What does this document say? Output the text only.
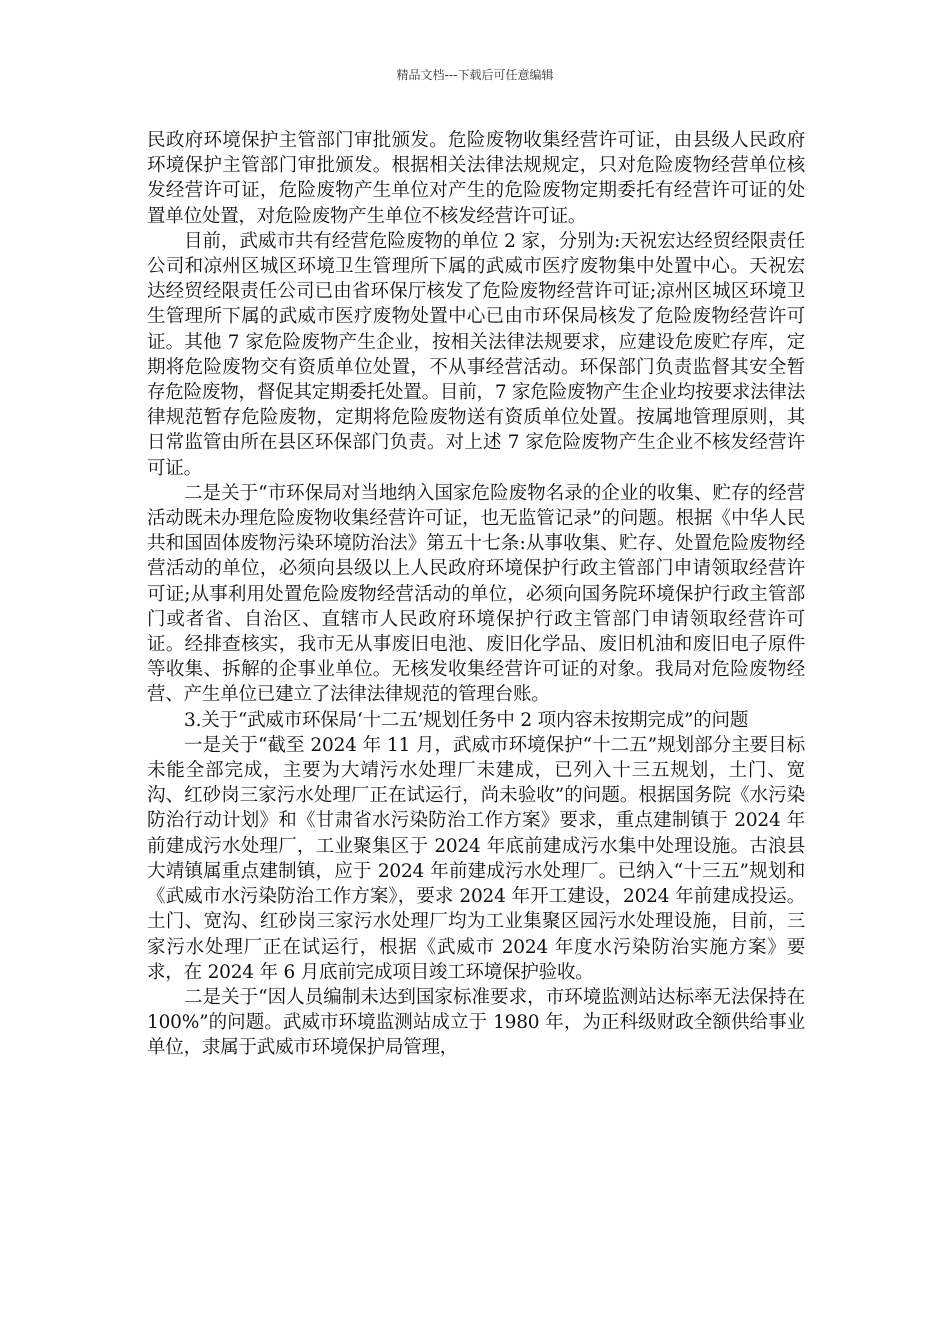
精品文档---下载后可任意编辑

民政府环境保护主管部门审批颁发。危险废物收集经营许可证，由县级人民政府环境保护主管部门审批颁发。根据相关法律法规规定，只对危险废物经营单位核发经营许可证，危险废物产生单位对产生的危险废物定期委托有经营许可证的处置单位处置，对危险废物产生单位不核发经营许可证。

目前，武威市共有经营危险废物的单位 2 家，分别为:天祝宏达经贸经限责任公司和凉州区城区环境卫生管理所下属的武威市医疗废物集中处置中心。天祝宏达经贸经限责任公司已由省环保厅核发了危险废物经营许可证;凉州区城区环境卫生管理所下属的武威市医疗废物处置中心已由市环保局核发了危险废物经营许可证。其他 7 家危险废物产生企业，按相关法律法规要求，应建设危废贮存库，定期将危险废物交有资质单位处置，不从事经营活动。环保部门负责监督其安全暂存危险废物，督促其定期委托处置。目前，7 家危险废物产生企业均按要求法律法律规范暂存危险废物，定期将危险废物送有资质单位处置。按属地管理原则，其日常监管由所在县区环保部门负责。对上述 7 家危险废物产生企业不核发经营许可证。

二是关于“市环保局对当地纳入国家危险废物名录的企业的收集、贮存的经营活动既未办理危险废物收集经营许可证，也无监管记录”的问题。根据《中华人民共和国固体废物污染环境防治法》第五十七条:从事收集、贮存、处置危险废物经营活动的单位，必须向县级以上人民政府环境保护行政主管部门申请领取经营许可证;从事利用处置危险废物经营活动的单位，必须向国务院环境保护行政主管部门或者省、自治区、直辖市人民政府环境保护行政主管部门申请领取经营许可证。经排查核实，我市无从事废旧电池、废旧化学品、废旧机油和废旧电子原件等收集、拆解的企事业单位。无核发收集经营许可证的对象。我局对危险废物经营、产生单位已建立了法律法律规范的管理台账。

3.关于“武威市环保局‘十二五’规划任务中 2 项内容未按期完成”的问题

一是关于“截至 2024 年 11 月，武威市环境保护“十二五”规划部分主要目标未能全部完成，主要为大靖污水处理厂未建成，已列入十三五规划，土门、宽沟、红砂岗三家污水处理厂正在试运行，尚未验收”的问题。根据国务院《水污染防治行动计划》和《甘肃省水污染防治工作方案》要求，重点建制镇于 2024 年前建成污水处理厂，工业聚集区于 2024 年底前建成污水集中处理设施。古浪县大靖镇属重点建制镇，应于 2024 年前建成污水处理厂。已纳入“十三五”规划和《武威市水污染防治工作方案》，要求 2024 年开工建设，2024 年前建成投运。土门、宽沟、红砂岗三家污水处理厂均为工业集聚区园污水处理设施，目前，三家污水处理厂正在试运行，根据《武威市 2024 年度水污染防治实施方案》要求，在 2024 年 6 月底前完成项目竣工环境保护验收。

二是关于“因人员编制未达到国家标准要求，市环境监测站达标率无法保持在 100%”的问题。武威市环境监测站成立于 1980 年，为正科级财政全额供给事业单位，隶属于武威市环境保护局管理，
